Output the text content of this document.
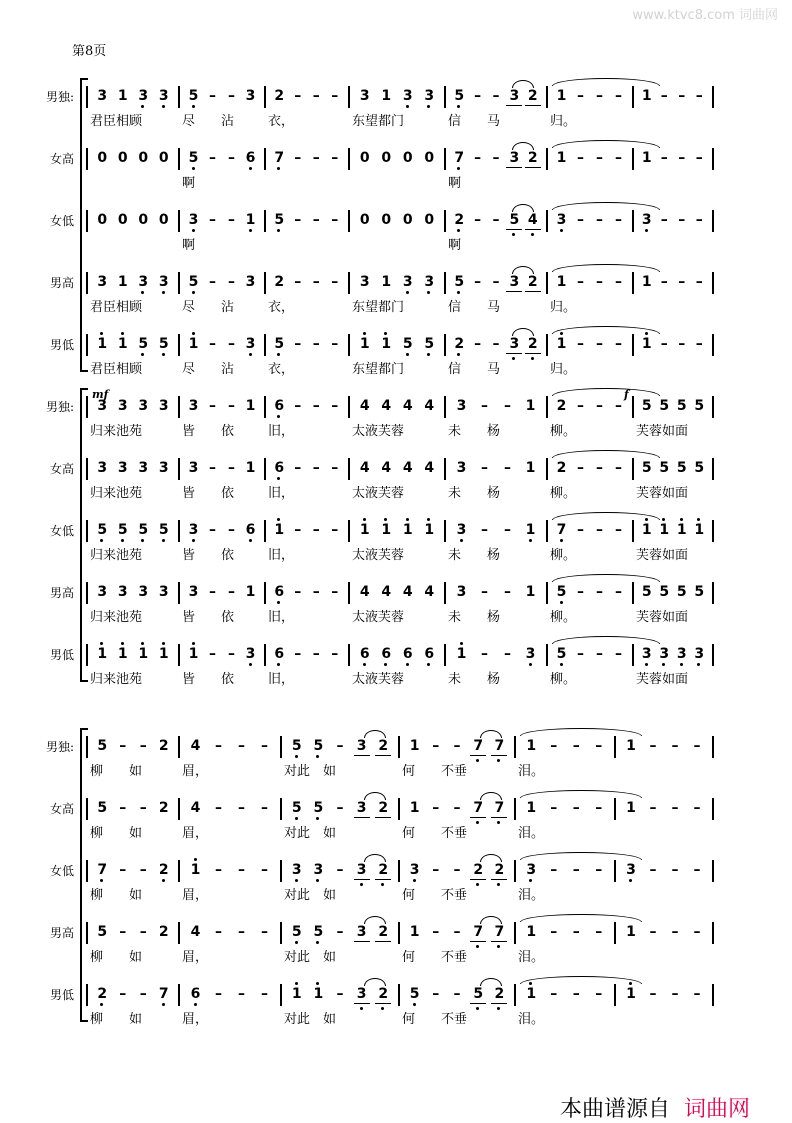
www.ktvc8.com 词曲网
第8页
男独: 3 1 3 3
君臣相顾
5 – – 3
尽　　沾
2 – – –
衣，
3 1 3 3
东望都门
5 – – 3 2
信　　马
1 – – –
归。
1 – – –
女高 0 0 0 0 5 – – 6
啊
7 – – – 0 0 0 0 7 – – 3 2
啊
1 – – – 1 – – –
女低 0 0 0 0 3 – – 1
啊
5 – – – 0 0 0 0 2 – – 5 4
啊
3 – – – 3 – – –
男高 3 1 3 3
君臣相顾
5 – – 3
尽　　沾
2 – – –
衣，
3 1 3 3
东望都门
5 – – 3 2
信　　马
1 – – –
归。
1 – – –
男低 1 1 5 5
君臣相顾
1 – – 3
尽　　沾
5 – – –
衣，
1 1 5 5
东望都门
2 – – 3 2
信　　马
1 – – –
归。
1 – – –
mf	f
男独: 3 3 3 3
归来池苑
3 – – 1
皆　　依
6 – – –
旧，
4 4 4 4
太液芙蓉
3 – – 1
未　　杨
2 – – –
柳。
5 5 5 5
芙蓉如面
女高 3 3 3 3
归来池苑
3 – – 1
皆　　依
6 – – –
旧，
4 4 4 4
太液芙蓉
3 – – 1
未　　杨
2 – – –
柳。
5 5 5 5
芙蓉如面
女低 5 5 5 5
归来池苑
3 – – 6
皆　　依
1 – – –
旧，
1 1 1 1
太液芙蓉
3 – – 1
未　　杨
7 – – –
柳。
1 1 1 1
芙蓉如面
男高 3 3 3 3
归来池苑
3 – – 1
皆　　依
6 – – –
旧，
4 4 4 4
太液芙蓉
3 – – 1
未　　杨
5 – – –
柳。
5 5 5 5
芙蓉如面
男低 1 1 1 1
归来池苑
1 – – 3
皆　　依
6 – – –
旧，
6 6 6 6
太液芙蓉
1 – – 3
未　　杨
5 – – –
柳。
3 3 3 3
芙蓉如面
男独: 5 – – 2
柳　　如
4 – – –
眉，
5 5 – 3 2
对此　如
1 – – 7 7
何　　不垂
1 – – –
泪。
1 – – –
女高 5 – – 2
柳　　如
4 – – –
眉，
5 5 – 3 2
对此　如
1 – – 7 7
何　　不垂
1 – – –
泪。
1 – – –
女低 7 – – 2
柳　　如
1 – – –
眉，
3 3 – 3 2
对此　如
3 – – 2 2
何　　不垂
3 – – –
泪。
3 – – –
男高 5 – – 2
柳　　如
4 – – –
眉，
5 5 – 3 2
对此　如
1 – – 7 7
何　　不垂
1 – – –
泪。
1 – – –
男低 2 – – 7
柳　　如
6 – – –
眉，
1 1 – 3 2
对此　如
5 – – 5 2
何　　不垂
1 – – –
泪。
1 – – –
本曲谱源自 词曲网
